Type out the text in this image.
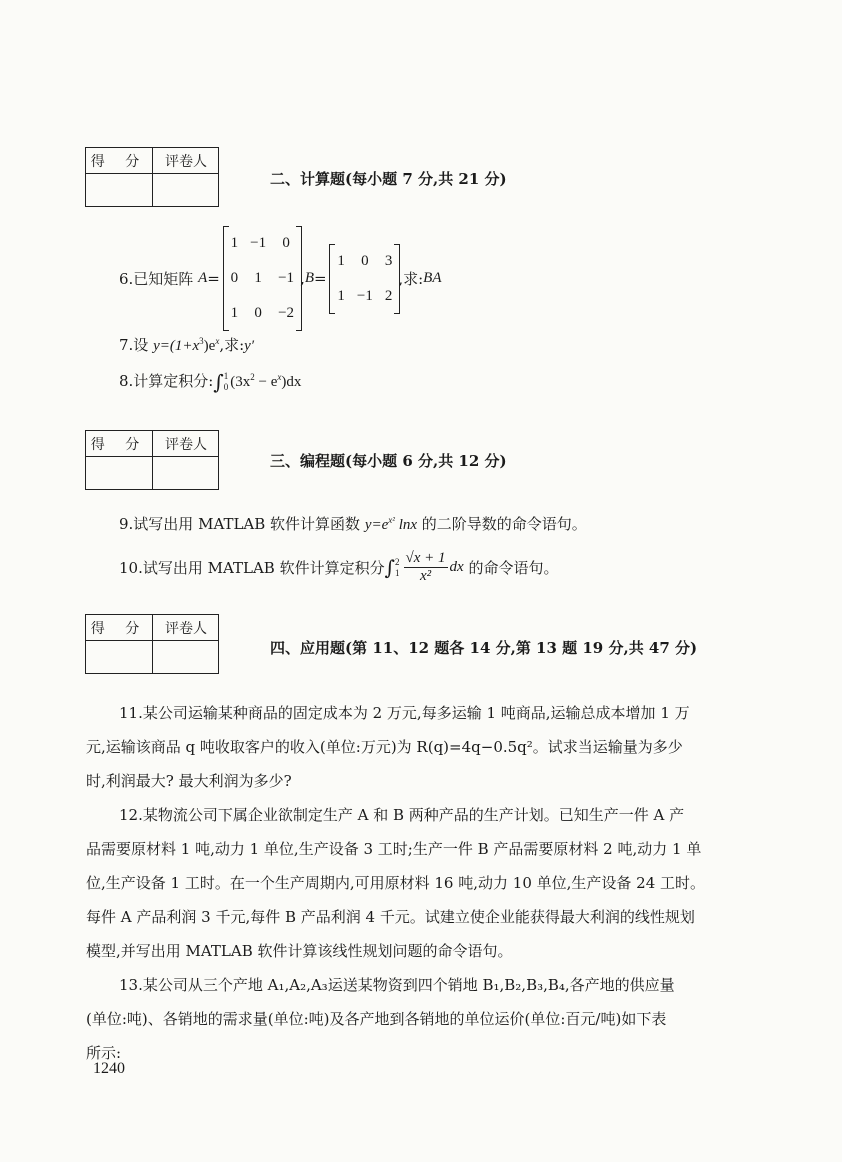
得 分	评卷人
二、计算题(每小题 7 分,共 21 分)
6.已知矩阵 A=
1	−1	0
0	1	−1
1	0	−2
,B=
1	0	3
1	−1	2
,求:BA
7.设 $y=(1+x^3)e^x$,求:y′
8.计算定积分:∫1
0 $(3x^2 - e^x)dx$
得 分	评卷人
三、编程题(每小题 6 分,共 12 分)
9.试写出用 MATLAB 软件计算函数 $y=e^{x^2}$ lnx 的二阶导数的命令语句。
10.试写出用 MATLAB 软件计算定积分∫2
$1 \frac{√x + 1}{\text{x²}}$ dx 的命令语句。
得 分	评卷人
四、应用题(第 11、12 题各 14 分,第 13 题 19 分,共 47 分)
11.某公司运输某种商品的固定成本为 2 万元,每多运输 1 吨商品,运输总成本增加 1 万
元,运输该商品 q 吨收取客户的收入(单位:万元)为 R(q)=4q−0.5q²。试求当运输量为多少
时,利润最大? 最大利润为多少?
12.某物流公司下属企业欲制定生产 A 和 B 两种产品的生产计划。已知生产一件 A 产
品需要原材料 1 吨,动力 1 单位,生产设备 3 工时;生产一件 B 产品需要原材料 2 吨,动力 1 单
位,生产设备 1 工时。在一个生产周期内,可用原材料 16 吨,动力 10 单位,生产设备 24 工时。
每件 A 产品利润 3 千元,每件 B 产品利润 4 千元。试建立使企业能获得最大利润的线性规划
模型,并写出用 MATLAB 软件计算该线性规划问题的命令语句。
13.某公司从三个产地 A₁,A₂,A₃运送某物资到四个销地 B₁,B₂,B₃,B₄,各产地的供应量
(单位:吨)、各销地的需求量(单位:吨)及各产地到各销地的单位运价(单位:百元/吨)如下表
所示:
1240
